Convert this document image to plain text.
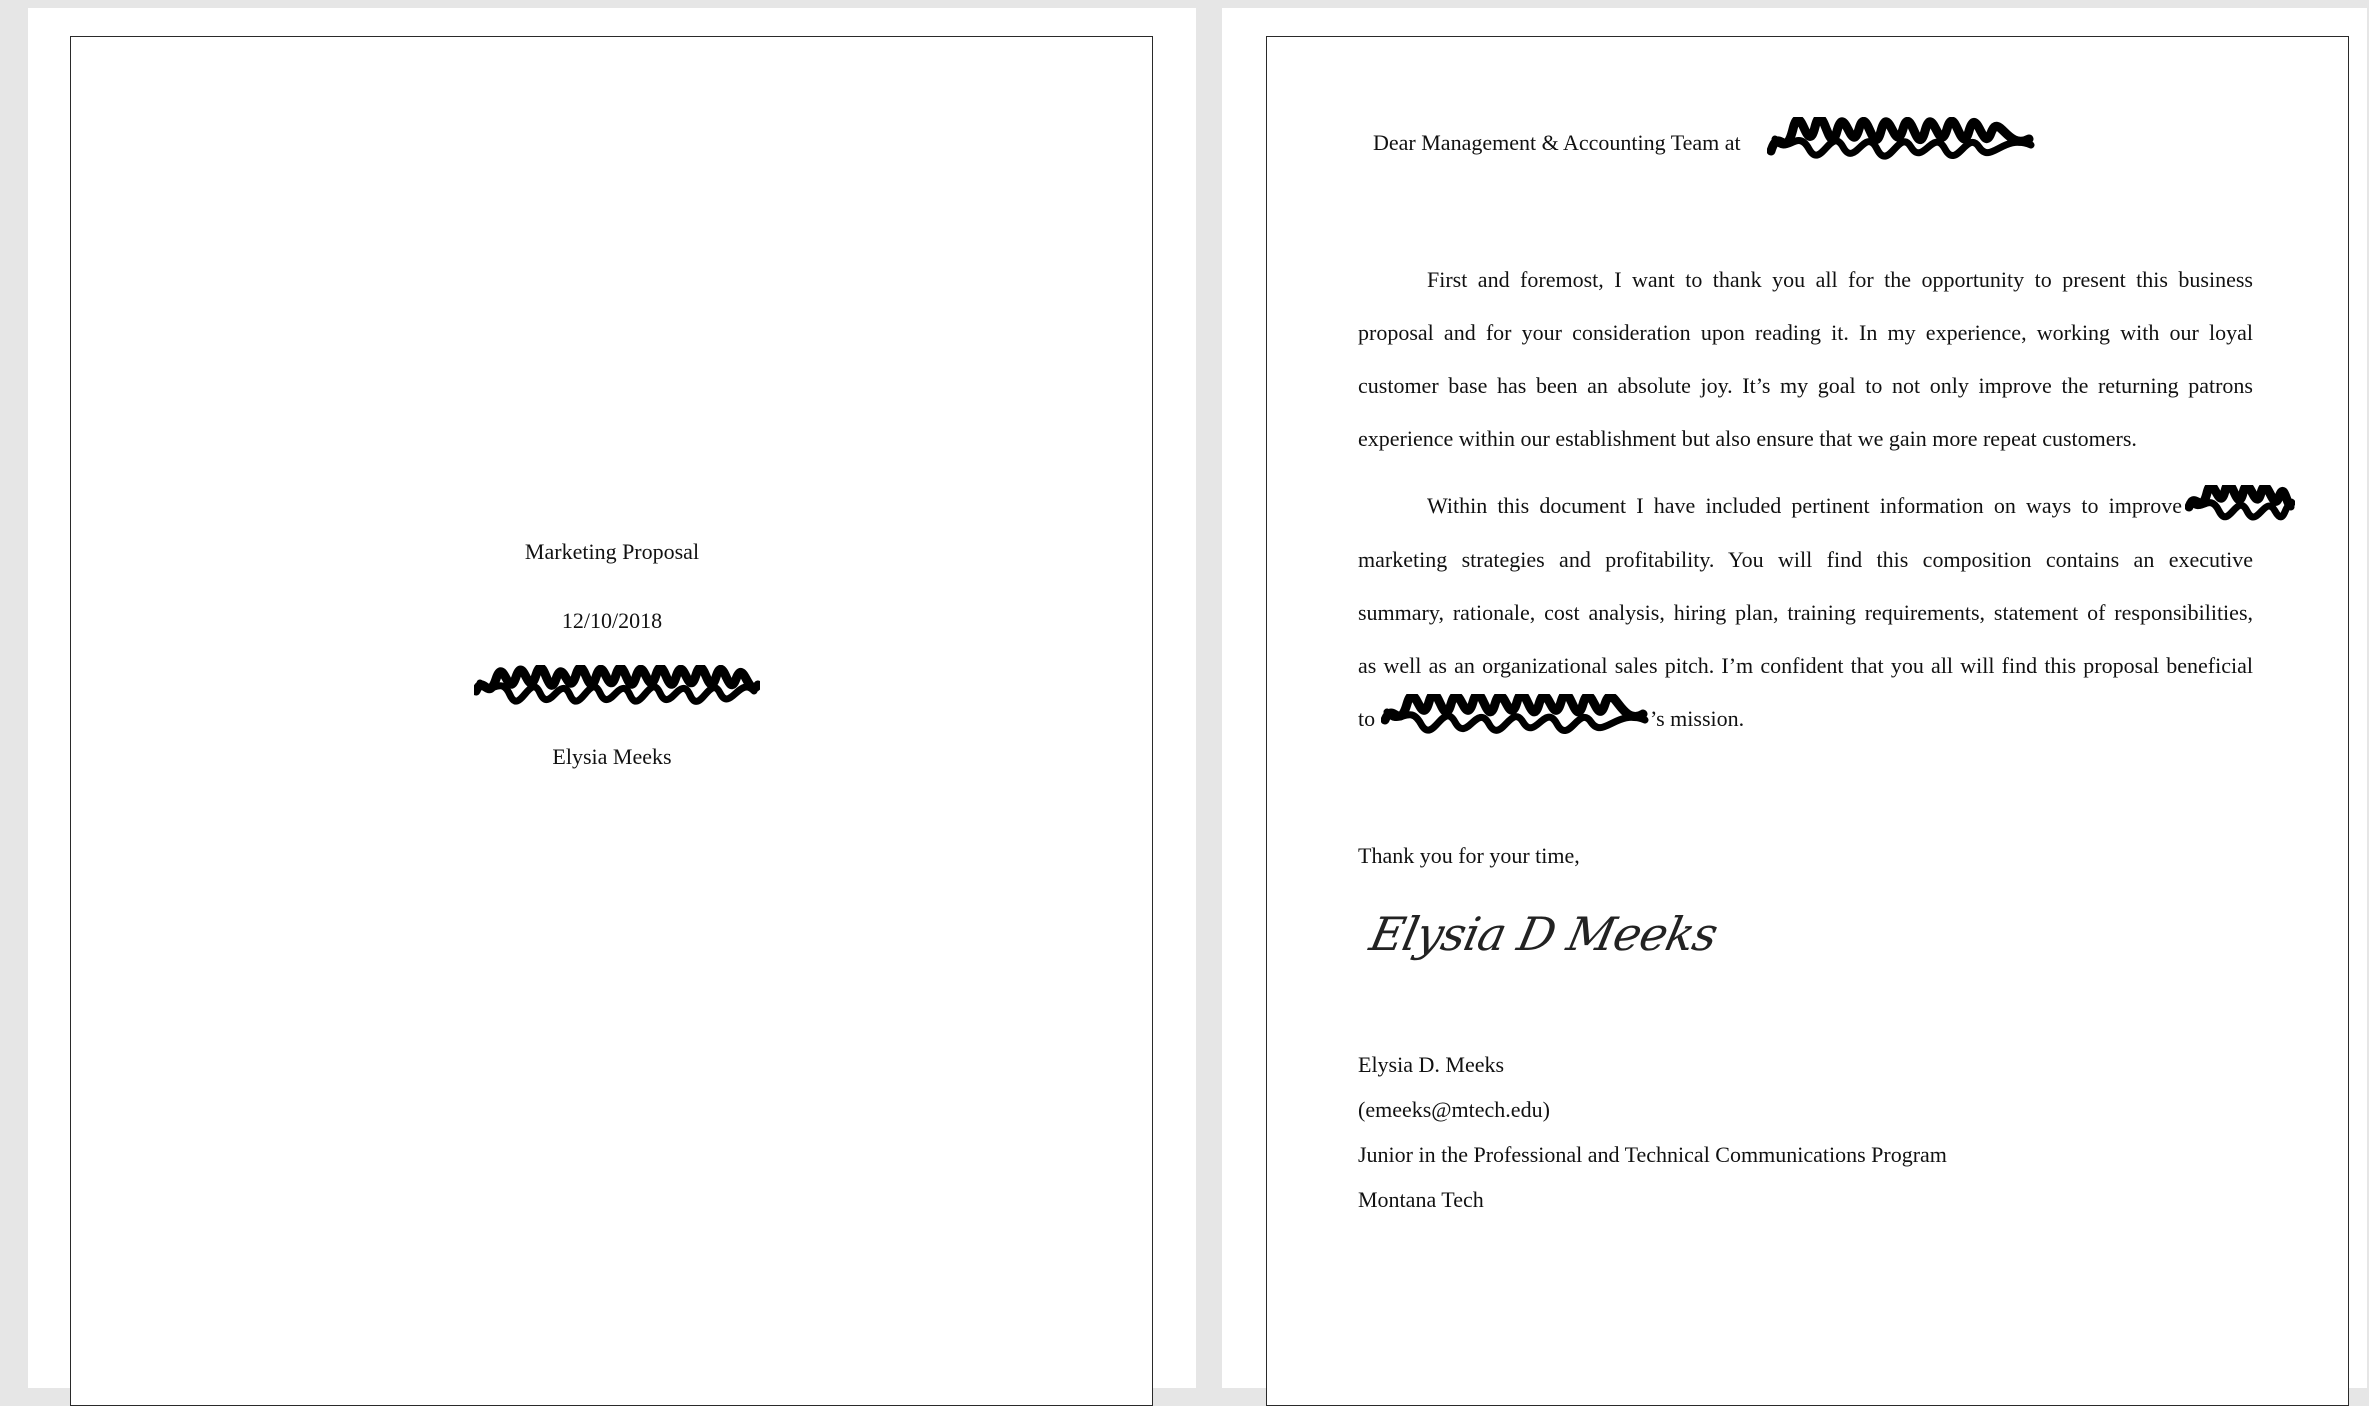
Marketing Proposal
12/10/2018
Elysia Meeks
Dear Management & Accounting Team at
First and foremost, I want to thank you all for the opportunity to present this business
proposal and for your consideration upon reading it. In my experience, working with our loyal
customer base has been an absolute joy. It’s my goal to not only improve the returning patrons
experience within our establishment but also ensure that we gain more repeat customers.
Within this document I have included pertinent information on ways to improve
marketing strategies and profitability. You will find this composition contains an executive
summary, rationale, cost analysis, hiring plan, training requirements, statement of responsibilities,
as well as an organizational sales pitch. I’m confident that you all will find this proposal beneficial
to	’s mission.
Thank you for your time,
Elysia D Meeks
Elysia D. Meeks
(emeeks@mtech.edu)
Junior in the Professional and Technical Communications Program
Montana Tech
